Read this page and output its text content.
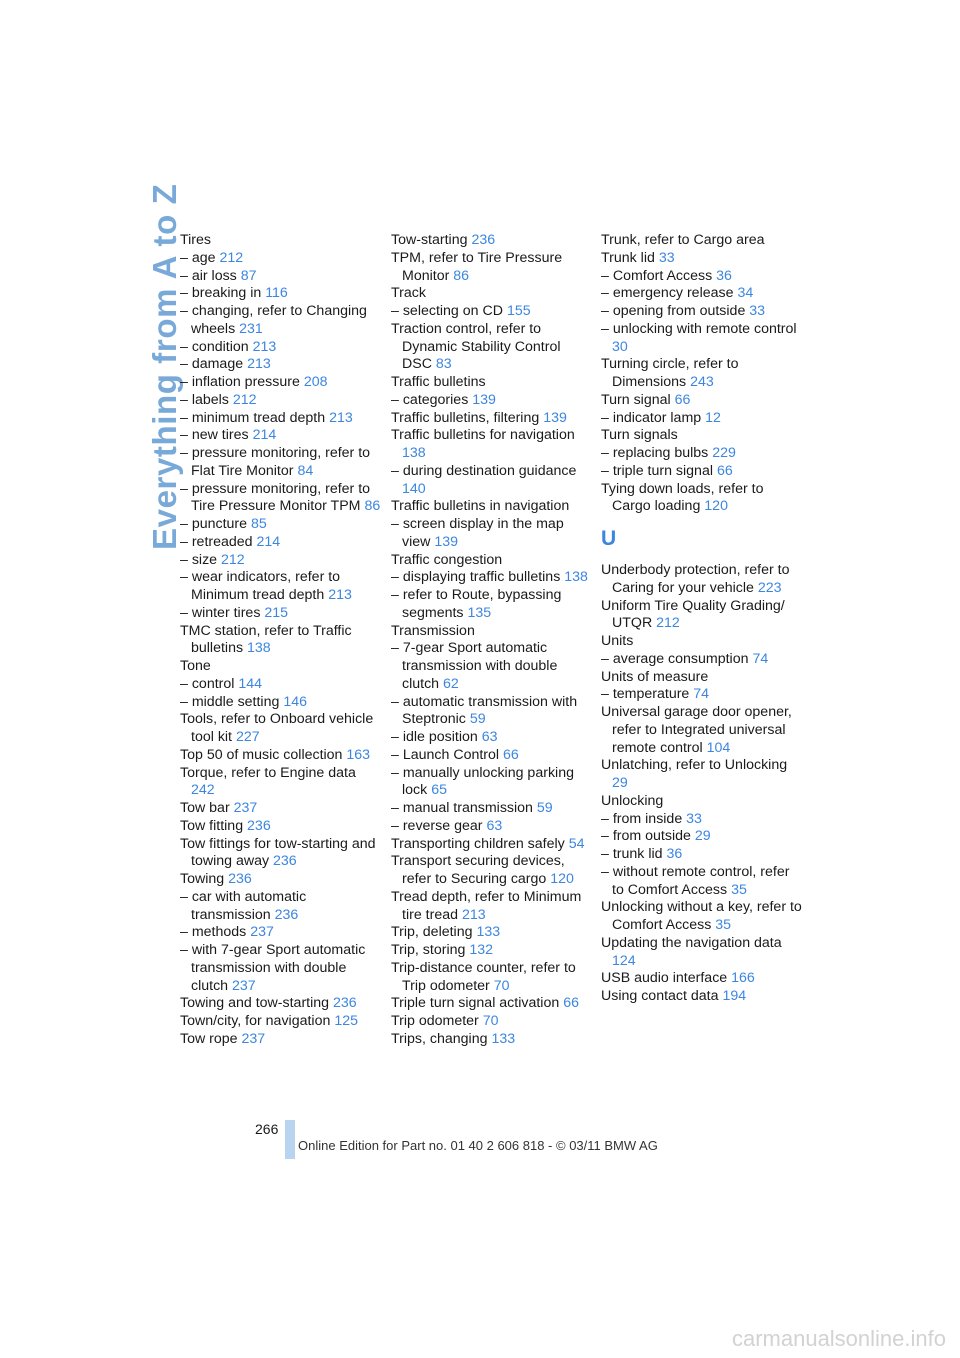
Everything from A to Z
Tires
– age 212
– air loss 87
– breaking in 116
– changing, refer to Changing wheels 231
– condition 213
– damage 213
– inflation pressure 208
– labels 212
– minimum tread depth 213
– new tires 214
– pressure monitoring, refer to Flat Tire Monitor 84
– pressure monitoring, refer to Tire Pressure Monitor TPM 86
– puncture 85
– retreaded 214
– size 212
– wear indicators, refer to Minimum tread depth 213
– winter tires 215
TMC station, refer to Traffic bulletins 138
Tone
– control 144
– middle setting 146
Tools, refer to Onboard vehicle tool kit 227
Top 50 of music collection 163
Torque, refer to Engine data 242
Tow bar 237
Tow fitting 236
Tow fittings for tow-starting and towing away 236
Towing 236
– car with automatic transmission 236
– methods 237
– with 7-gear Sport automatic transmission with double clutch 237
Towing and tow-starting 236
Town/city, for navigation 125
Tow rope 237
Tow-starting 236
TPM, refer to Tire Pressure Monitor 86
Track
– selecting on CD 155
Traction control, refer to Dynamic Stability Control DSC 83
Traffic bulletins
– categories 139
Traffic bulletins, filtering 139
Traffic bulletins for navigation 138
– during destination guidance 140
Traffic bulletins in navigation
– screen display in the map view 139
Traffic congestion
– displaying traffic bulletins 138
– refer to Route, bypassing segments 135
Transmission
– 7-gear Sport automatic transmission with double clutch 62
– automatic transmission with Steptronic 59
– idle position 63
– Launch Control 66
– manually unlocking parking lock 65
– manual transmission 59
– reverse gear 63
Transporting children safely 54
Transport securing devices, refer to Securing cargo 120
Tread depth, refer to Minimum tire tread 213
Trip, deleting 133
Trip, storing 132
Trip-distance counter, refer to Trip odometer 70
Triple turn signal activation 66
Trip odometer 70
Trips, changing 133
Trunk, refer to Cargo area
Trunk lid 33
– Comfort Access 36
– emergency release 34
– opening from outside 33
– unlocking with remote control 30
Turning circle, refer to Dimensions 243
Turn signal 66
– indicator lamp 12
Turn signals
– replacing bulbs 229
– triple turn signal 66
Tying down loads, refer to Cargo loading 120
U
Underbody protection, refer to Caring for your vehicle 223
Uniform Tire Quality Grading/ UTQR 212
Units
– average consumption 74
Units of measure
– temperature 74
Universal garage door opener, refer to Integrated universal remote control 104
Unlatching, refer to Unlocking 29
Unlocking
– from inside 33
– from outside 29
– trunk lid 36
– without remote control, refer to Comfort Access 35
Unlocking without a key, refer to Comfort Access 35
Updating the navigation data 124
USB audio interface 166
Using contact data 194
266
Online Edition for Part no. 01 40 2 606 818 - © 03/11 BMW AG
carmanualsonline.info
